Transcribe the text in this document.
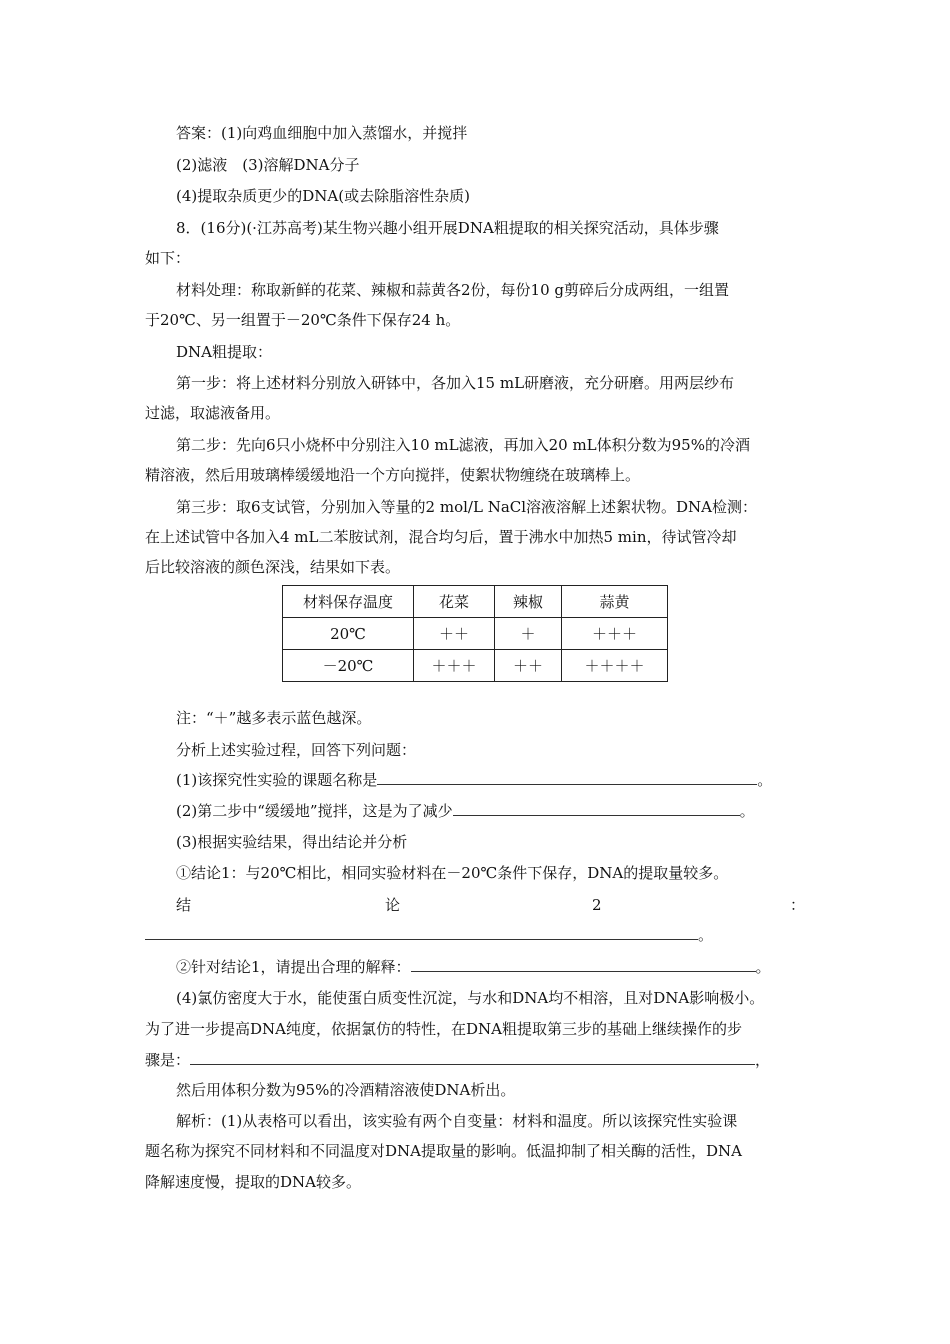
答案：(1)向鸡血细胞中加入蒸馏水，并搅拌
(2)滤液　(3)溶解DNA分子
(4)提取杂质更少的DNA(或去除脂溶性杂质)
8．(16分)(·江苏高考)某生物兴趣小组开展DNA粗提取的相关探究活动，具体步骤
如下：
材料处理：称取新鲜的花菜、辣椒和蒜黄各2份，每份10 g剪碎后分成两组，一组置
于20℃、另一组置于－20℃条件下保存24 h。
DNA粗提取：
第一步：将上述材料分别放入研钵中，各加入15 mL研磨液，充分研磨。用两层纱布
过滤，取滤液备用。
第二步：先向6只小烧杯中分别注入10 mL滤液，再加入20 mL体积分数为95%的冷酒
精溶液，然后用玻璃棒缓缓地沿一个方向搅拌，使絮状物缠绕在玻璃棒上。
第三步：取6支试管，分别加入等量的2 mol/L NaCl溶液溶解上述絮状物。DNA检测：
在上述试管中各加入4 mL二苯胺试剂，混合均匀后，置于沸水中加热5 min，待试管冷却
后比较溶液的颜色深浅，结果如下表。
材料保存温度	花菜	辣椒	蒜黄
20℃	＋＋	＋	＋＋＋
－20℃	＋＋＋	＋＋	＋＋＋＋
注：“＋”越多表示蓝色越深。
分析上述实验过程，回答下列问题：
(1)该探究性实验的课题名称是	。
(2)第二步中“缓缓地”搅拌，这是为了减少	。
(3)根据实验结果，得出结论并分析
①结论1：与20℃相比，相同实验材料在－20℃条件下保存，DNA的提取量较多。
结	论	2	：
。
②针对结论1，请提出合理的解释：	。
(4)氯仿密度大于水，能使蛋白质变性沉淀，与水和DNA均不相溶，且对DNA影响极小。
为了进一步提高DNA纯度，依据氯仿的特性，在DNA粗提取第三步的基础上继续操作的步
骤是：	，
然后用体积分数为95%的冷酒精溶液使DNA析出。
解析：(1)从表格可以看出，该实验有两个自变量：材料和温度。所以该探究性实验课
题名称为探究不同材料和不同温度对DNA提取量的影响。低温抑制了相关酶的活性，DNA
降解速度慢，提取的DNA较多。
